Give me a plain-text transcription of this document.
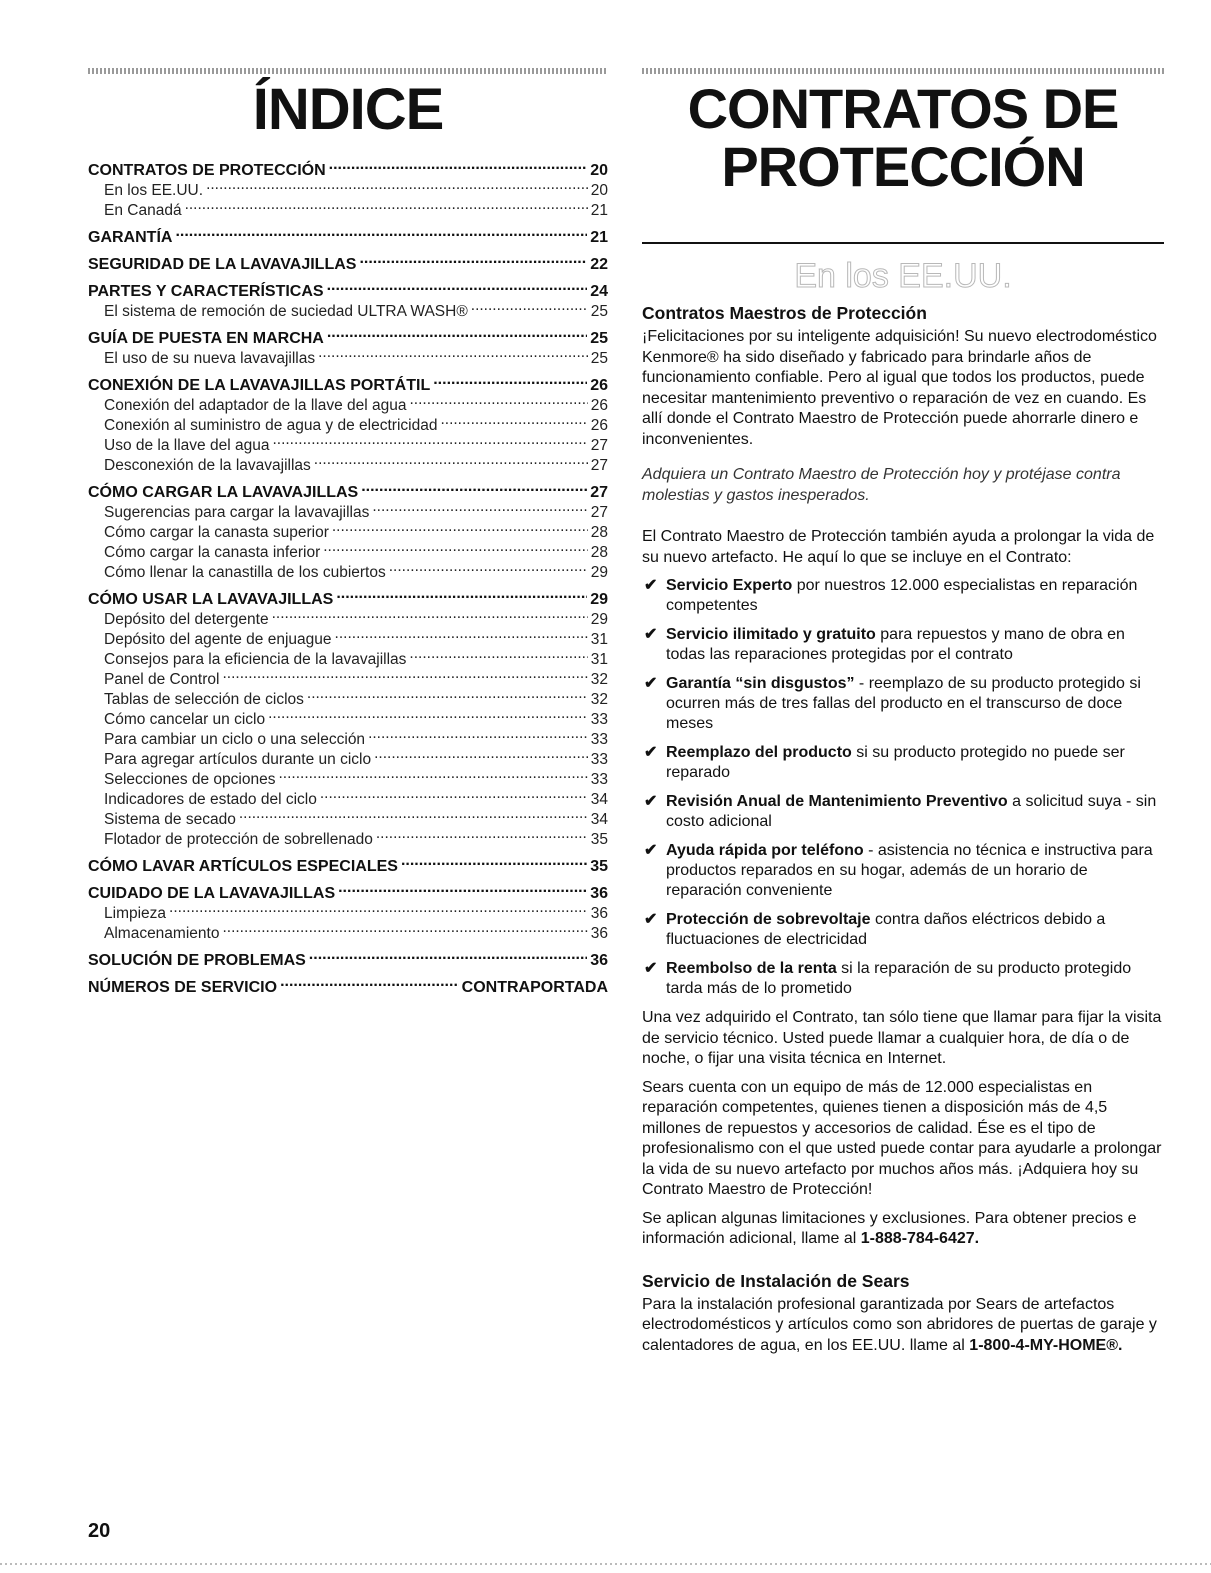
ÍNDICE
CONTRATOS DE PROTECCIÓN .....	20
En los EE.UU. .....	20
En Canadá .....	21
GARANTÍA .....	21
SEGURIDAD DE LA LAVAVAJILLAS .....	22
PARTES Y CARACTERÍSTICAS .....	24
El sistema de remoción de suciedad ULTRA WASH® .....	25
GUÍA DE PUESTA EN MARCHA .....	25
El uso de su nueva lavavajillas .....	25
CONEXIÓN DE LA LAVAVAJILLAS PORTÁTIL .....	26
Conexión del adaptador de la llave del agua .....	26
Conexión al suministro de agua y de electricidad .....	26
Uso de la llave del agua .....	27
Desconexión de la lavavajillas .....	27
CÓMO CARGAR LA LAVAVAJILLAS .....	27
Sugerencias para cargar la lavavajillas .....	27
Cómo cargar la canasta superior .....	28
Cómo cargar la canasta inferior .....	28
Cómo llenar la canastilla de los cubiertos .....	29
CÓMO USAR LA LAVAVAJILLAS .....	29
Depósito del detergente .....	29
Depósito del agente de enjuague .....	31
Consejos para la eficiencia de la lavavajillas .....	31
Panel de Control .....	32
Tablas de selección de ciclos .....	32
Cómo cancelar un ciclo .....	33
Para cambiar un ciclo o una selección .....	33
Para agregar artículos durante un ciclo .....	33
Selecciones de opciones .....	33
Indicadores de estado del ciclo .....	34
Sistema de secado .....	34
Flotador de protección de sobrellenado .....	35
CÓMO LAVAR ARTÍCULOS ESPECIALES .....	35
CUIDADO DE LA LAVAVAJILLAS .....	36
Limpieza .....	36
Almacenamiento .....	36
SOLUCIÓN DE PROBLEMAS .....	36
NÚMEROS DE SERVICIO .....	CONTRAPORTADA
CONTRATOS DE
PROTECCIÓN
En los EE.UU.
Contratos Maestros de Protección

¡Felicitaciones por su inteligente adquisición! Su nuevo electrodoméstico Kenmore® ha sido diseñado y fabricado para brindarle años de funcionamiento confiable. Pero al igual que todos los productos, puede necesitar mantenimiento preventivo o reparación de vez en cuando. Es allí donde el Contrato Maestro de Protección puede ahorrarle dinero e inconvenientes.

Adquiera un Contrato Maestro de Protección hoy y protéjase contra molestias y gastos inesperados.

El Contrato Maestro de Protección también ayuda a prolongar la vida de su nuevo artefacto. He aquí lo que se incluye en el Contrato:

✔ Servicio Experto por nuestros 12.000 especialistas en reparación competentes
✔ Servicio ilimitado y gratuito para repuestos y mano de obra en todas las reparaciones protegidas por el contrato
✔ Garantía “sin disgustos” - reemplazo de su producto protegido si ocurren más de tres fallas del producto en el transcurso de doce meses
✔ Reemplazo del producto si su producto protegido no puede ser reparado
✔ Revisión Anual de Mantenimiento Preventivo a solicitud suya - sin costo adicional
✔ Ayuda rápida por teléfono - asistencia no técnica e instructiva para productos reparados en su hogar, además de un horario de reparación conveniente
✔ Protección de sobrevoltaje contra daños eléctricos debido a fluctuaciones de electricidad
✔ Reembolso de la renta si la reparación de su producto protegido tarda más de lo prometido

Una vez adquirido el Contrato, tan sólo tiene que llamar para fijar la visita de servicio técnico. Usted puede llamar a cualquier hora, de día o de noche, o fijar una visita técnica en Internet.

Sears cuenta con un equipo de más de 12.000 especialistas en reparación competentes, quienes tienen a disposición más de 4,5 millones de repuestos y accesorios de calidad. Ése es el tipo de profesionalismo con el que usted puede contar para ayudarle a prolongar la vida de su nuevo artefacto por muchos años más. ¡Adquiera hoy su Contrato Maestro de Protección!

Se aplican algunas limitaciones y exclusiones. Para obtener precios e información adicional, llame al 1-888-784-6427.

Servicio de Instalación de Sears

Para la instalación profesional garantizada por Sears de artefactos electrodomésticos y artículos como son abridores de puertas de garaje y calentadores de agua, en los EE.UU. llame al 1-800-4-MY-HOME®.

20
